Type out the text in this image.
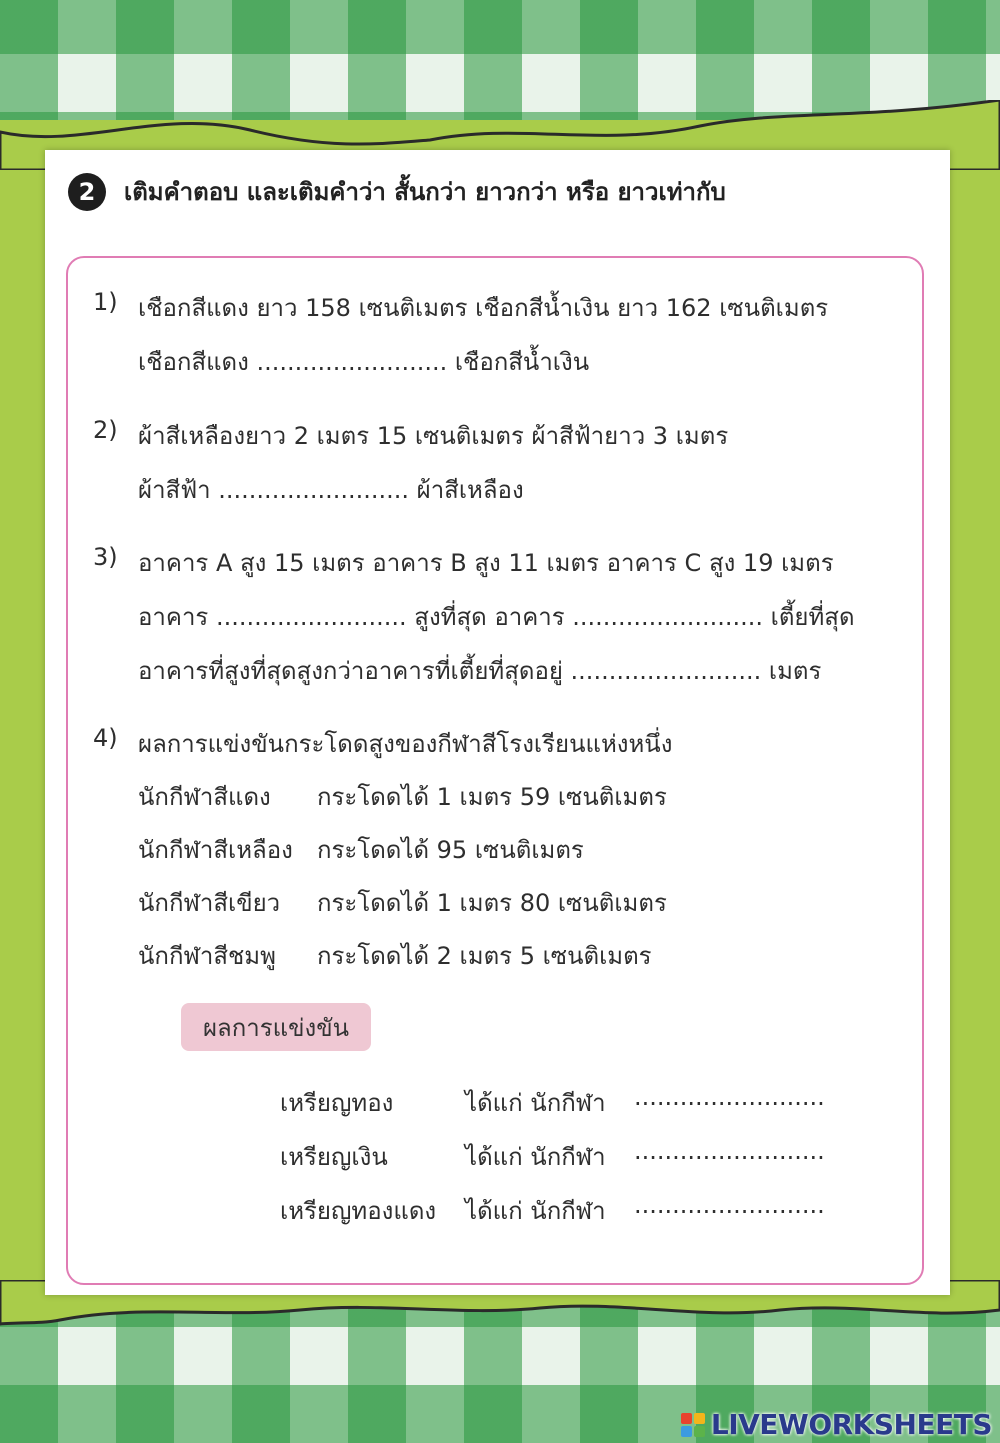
2	เติมคำตอบ และเติมคำว่า สั้นกว่า ยาวกว่า หรือ ยาวเท่ากับ
1) เชือกสีแดง ยาว 158 เซนติเมตร เชือกสีน้ำเงิน ยาว 162 เซนติเมตร
เชือกสีแดง ......................... เชือกสีน้ำเงิน
2) ผ้าสีเหลืองยาว 2 เมตร 15 เซนติเมตร ผ้าสีฟ้ายาว 3 เมตร
ผ้าสีฟ้า ......................... ผ้าสีเหลือง
3) อาคาร A สูง 15 เมตร อาคาร B สูง 11 เมตร อาคาร C สูง 19 เมตร
อาคาร ......................... สูงที่สุด อาคาร ......................... เตี้ยที่สุด
อาคารที่สูงที่สุดสูงกว่าอาคารที่เตี้ยที่สุดอยู่ ......................... เมตร
4) ผลการแข่งขันกระโดดสูงของกีฬาสีโรงเรียนแห่งหนึ่ง
นักกีฬาสีแดง กระโดดได้ 1 เมตร 59 เซนติเมตร
นักกีฬาสีเหลือง กระโดดได้ 95 เซนติเมตร
นักกีฬาสีเขียว กระโดดได้ 1 เมตร 80 เซนติเมตร
นักกีฬาสีชมพู กระโดดได้ 2 เมตร 5 เซนติเมตร
ผลการแข่งขัน
เหรียญทอง	ได้แก่ นักกีฬา .........................
เหรียญเงิน	ได้แก่ นักกีฬา .........................
เหรียญทองแดง ได้แก่ นักกีฬา .........................
LIVEWORKSHEETS
